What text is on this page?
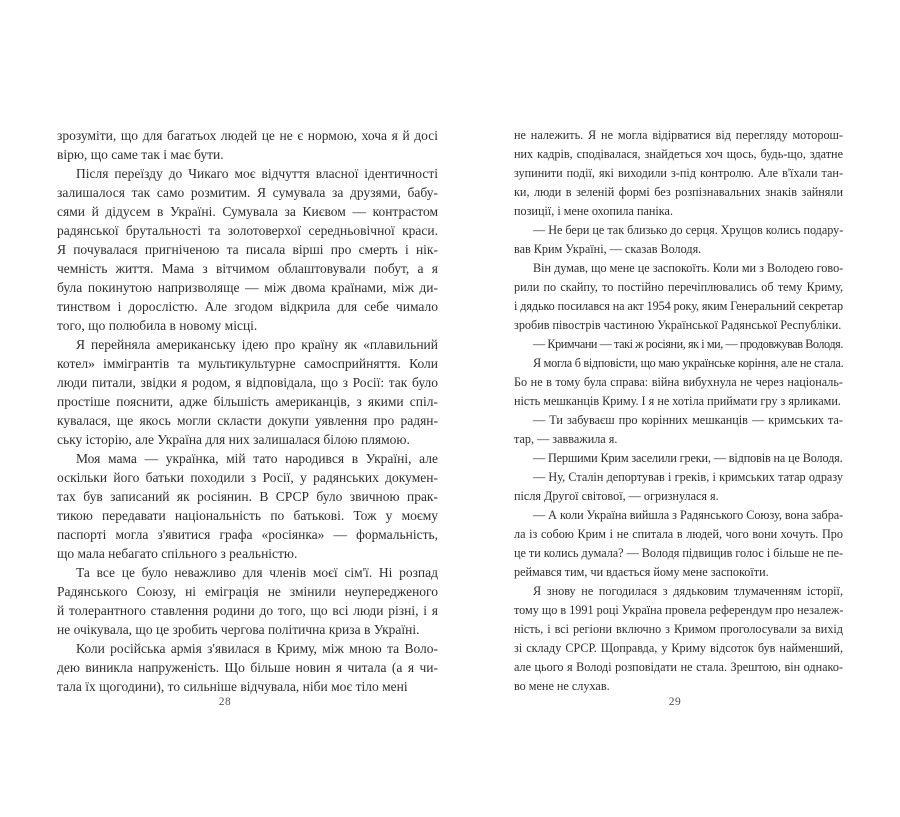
зрозуміти, що для багатьох людей це не є нормою, хоча я й досі
вірю, що саме так і має бути.
Після переїзду до Чикаго моє відчуття власної ідентичності
залишалося так само розмитим. Я сумувала за друзями, бабу-
сями й дідусем в Україні. Сумувала за Києвом — контрастом
радянської брутальності та золотоверхої середньовічної краси.
Я почувалася пригніченою та писала вірші про смерть і нік-
чемність життя. Мама з вітчимом облаштовували побут, а я
була покинутою напризволяще — між двома країнами, між ди-
тинством і дорослістю. Але згодом відкрила для себе чимало
того, що полюбила в новому місці.
Я перейняла американську ідею про країну як «плавильний
котел» іммігрантів та мультикультурне самосприйняття. Коли
люди питали, звідки я родом, я відповідала, що з Росії: так було
простіше пояснити, адже більшість американців, з якими спіл-
кувалася, ще якось могли скласти докупи уявлення про радян-
ську історію, але Україна для них залишалася білою плямою.
Моя мама — українка, мій тато народився в Україні, але
оскільки його батьки походили з Росії, у радянських докумен-
тах був записаний як росіянин. В СРСР було звичною прак-
тикою передавати національність по батькові. Тож у моєму
паспорті могла з'явитися графа «росіянка» — формальність,
що мала небагато спільного з реальністю.
Та все це було неважливо для членів моєї сім'ї. Ні розпад
Радянського Союзу, ні еміграція не змінили неупередженого
й толерантного ставлення родини до того, що всі люди різні, і я
не очікувала, що це зробить чергова політична криза в Україні.
Коли російська армія з'явилася в Криму, між мною та Воло-
дею виникла напруженість. Що більше новин я читала (а я чи-
тала їх щогодини), то сильніше відчувала, ніби моє тіло мені
28
не належить. Я не могла відірватися від перегляду моторош-
них кадрів, сподівалася, знайдеться хоч щось, будь-що, здатне
зупинити події, які виходили з-під контролю. Але в'їхали тан-
ки, люди в зеленій формі без розпізнавальних знаків зайняли
позиції, і мене охопила паніка.
— Не бери це так близько до серця. Хрущов колись подару-
вав Крим Україні, — сказав Володя.
Він думав, що мене це заспокоїть. Коли ми з Володею гово-
рили по скайпу, то постійно перечіплювались об тему Криму,
і дядько посилався на акт 1954 року, яким Генеральний секретар
зробив півострів частиною Української Радянської Республіки.
— Кримчани — такі ж росіяни, як і ми, — продовжував Володя.
Я могла б відповісти, що маю українське коріння, але не стала.
Бо не в тому була справа: війна вибухнула не через національ-
ність мешканців Криму. І я не хотіла приймати гру з ярликами.
— Ти забуваєш про корінних мешканців — кримських та-
тар, — завважила я.
— Першими Крим заселили греки, — відповів на це Володя.
— Ну, Сталін депортував і греків, і кримських татар одразу
після Другої світової, — огризнулася я.
— А коли Україна вийшла з Радянського Союзу, вона забра-
ла із собою Крим і не спитала в людей, чого вони хочуть. Про
це ти колись думала? — Володя підвищив голос і більше не пе-
реймався тим, чи вдається йому мене заспокоїти.
Я знову не погодилася з дядьковим тлумаченням історії,
тому що в 1991 році Україна провела референдум про незалеж-
ність, і всі регіони включно з Кримом проголосували за вихід
зі складу СРСР. Щоправда, у Криму відсоток був найменший,
але цього я Володі розповідати не стала. Зрештою, він однако-
во мене не слухав.
29
